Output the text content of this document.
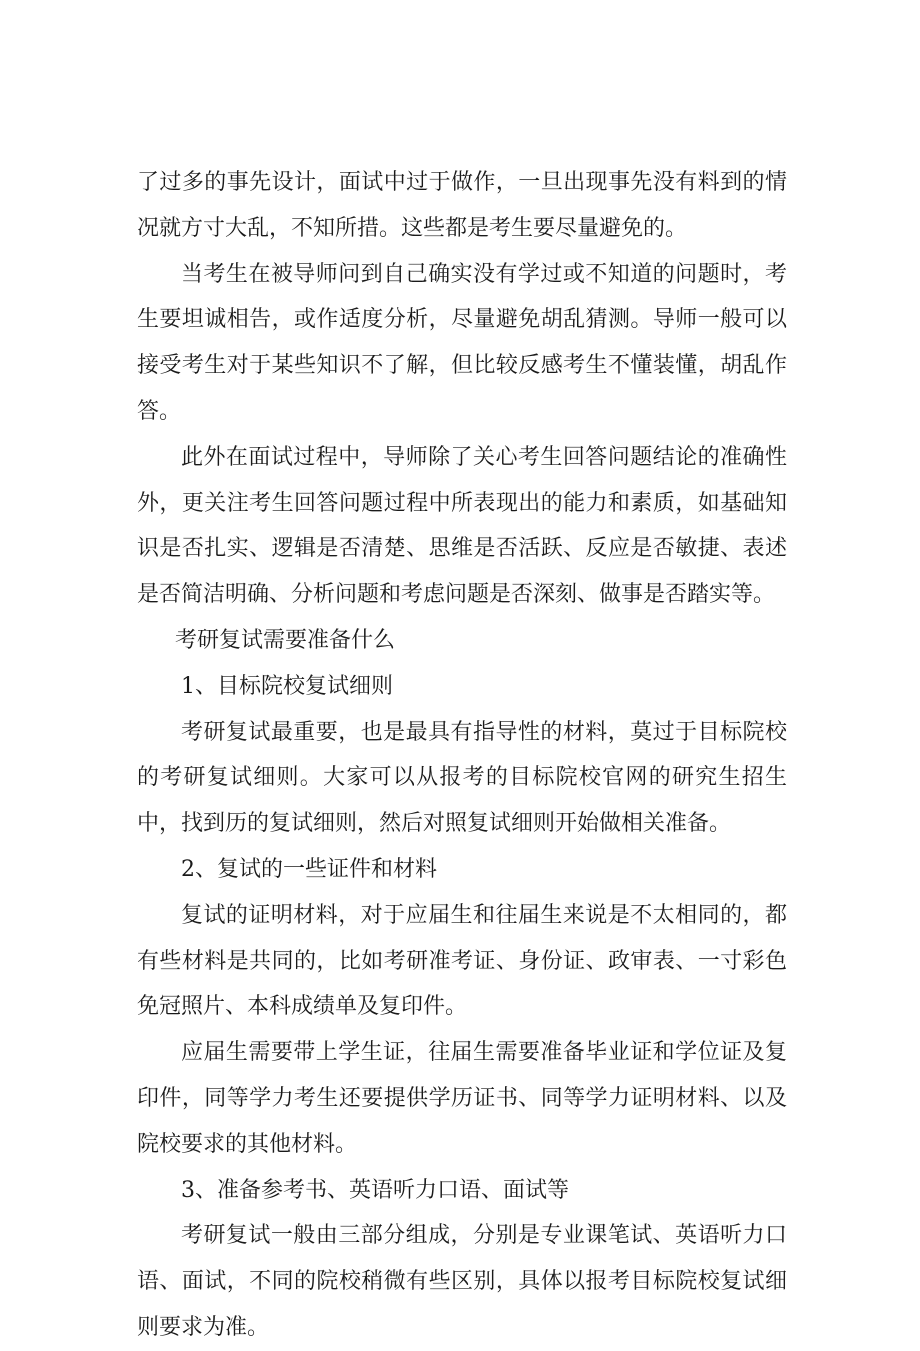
了过多的事先设计，面试中过于做作，一旦出现事先没有料到的情况就方寸大乱，不知所措。这些都是考生要尽量避免的。

当考生在被导师问到自己确实没有学过或不知道的问题时，考生要坦诚相告，或作适度分析，尽量避免胡乱猜测。导师一般可以接受考生对于某些知识不了解，但比较反感考生不懂装懂，胡乱作答。

此外在面试过程中，导师除了关心考生回答问题结论的准确性外，更关注考生回答问题过程中所表现出的能力和素质，如基础知识是否扎实、逻辑是否清楚、思维是否活跃、反应是否敏捷、表述是否简洁明确、分析问题和考虑问题是否深刻、做事是否踏实等。

考研复试需要准备什么

1、目标院校复试细则

考研复试最重要，也是最具有指导性的材料，莫过于目标院校的考研复试细则。大家可以从报考的目标院校官网的研究生招生中，找到历的复试细则，然后对照复试细则开始做相关准备。

2、复试的一些证件和材料

复试的证明材料，对于应届生和往届生来说是不太相同的，都有些材料是共同的，比如考研准考证、身份证、政审表、一寸彩色免冠照片、本科成绩单及复印件。

应届生需要带上学生证，往届生需要准备毕业证和学位证及复印件，同等学力考生还要提供学历证书、同等学力证明材料、以及院校要求的其他材料。

3、准备参考书、英语听力口语、面试等

考研复试一般由三部分组成，分别是专业课笔试、英语听力口语、面试，不同的院校稍微有些区别，具体以报考目标院校复试细则要求为准。
